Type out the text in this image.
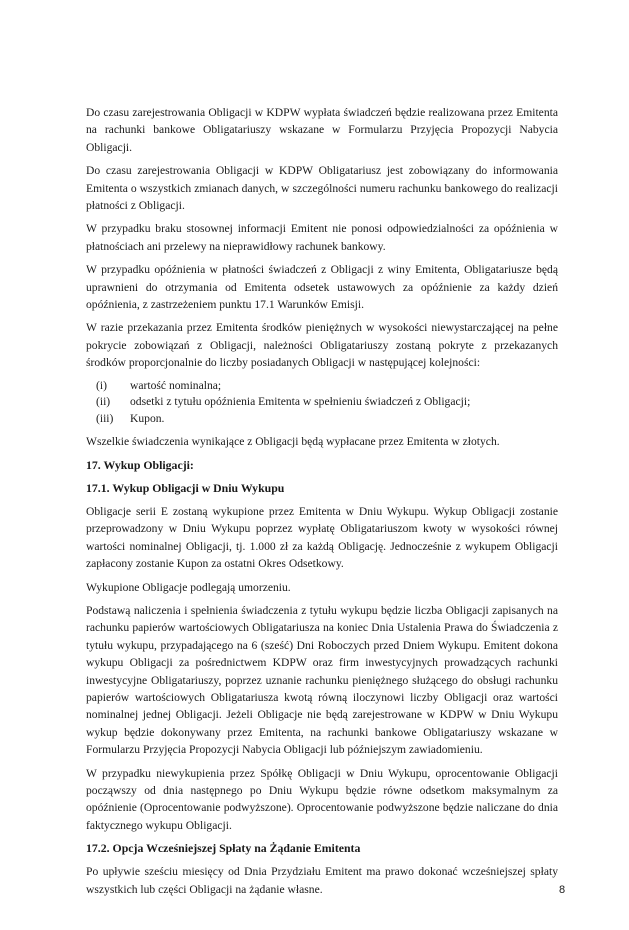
Do czasu zarejestrowania Obligacji w KDPW wypłata świadczeń będzie realizowana przez Emitenta na rachunki bankowe Obligatariuszy wskazane w Formularzu Przyjęcia Propozycji Nabycia Obligacji.

Do czasu zarejestrowania Obligacji w KDPW Obligatariusz jest zobowiązany do informowania Emitenta o wszystkich zmianach danych, w szczególności numeru rachunku bankowego do realizacji płatności z Obligacji.

W przypadku braku stosownej informacji Emitent nie ponosi odpowiedzialności za opóźnienia w płatnościach ani przelewy na nieprawidłowy rachunek bankowy.

W przypadku opóźnienia w płatności świadczeń z Obligacji z winy Emitenta, Obligatariusze będą uprawnieni do otrzymania od Emitenta odsetek ustawowych za opóźnienie za każdy dzień opóźnienia, z zastrzeżeniem punktu 17.1 Warunków Emisji.

W razie przekazania przez Emitenta środków pieniężnych w wysokości niewystarczającej na pełne pokrycie zobowiązań z Obligacji, należności Obligatariuszy zostaną pokryte z przekazanych środków proporcjonalnie do liczby posiadanych Obligacji w następującej kolejności:

(i)	wartość nominalna;
(ii)	odsetki z tytułu opóźnienia Emitenta w spełnieniu świadczeń z Obligacji;
(iii)	Kupon.

Wszelkie świadczenia wynikające z Obligacji będą wypłacane przez Emitenta w złotych.

17. Wykup Obligacji:
17.1. Wykup Obligacji w Dniu Wykupu

Obligacje serii E zostaną wykupione przez Emitenta w Dniu Wykupu. Wykup Obligacji zostanie przeprowadzony w Dniu Wykupu poprzez wypłatę Obligatariuszom kwoty w wysokości równej wartości nominalnej Obligacji, tj. 1.000 zł za każdą Obligację. Jednocześnie z wykupem Obligacji zapłacony zostanie Kupon za ostatni Okres Odsetkowy.

Wykupione Obligacje podlegają umorzeniu.

Podstawą naliczenia i spełnienia świadczenia z tytułu wykupu będzie liczba Obligacji zapisanych na rachunku papierów wartościowych Obligatariusza na koniec Dnia Ustalenia Prawa do Świadczenia z tytułu wykupu, przypadającego na 6 (sześć) Dni Roboczych przed Dniem Wykupu. Emitent dokona wykupu Obligacji za pośrednictwem KDPW oraz firm inwestycyjnych prowadzących rachunki inwestycyjne Obligatariuszy, poprzez uznanie rachunku pieniężnego służącego do obsługi rachunku papierów wartościowych Obligatariusza kwotą równą iloczynowi liczby Obligacji oraz wartości nominalnej jednej Obligacji. Jeżeli Obligacje nie będą zarejestrowane w KDPW w Dniu Wykupu wykup będzie dokonywany przez Emitenta, na rachunki bankowe Obligatariuszy wskazane w Formularzu Przyjęcia Propozycji Nabycia Obligacji lub późniejszym zawiadomieniu.

W przypadku niewykupienia przez Spółkę Obligacji w Dniu Wykupu, oprocentowanie Obligacji począwszy od dnia następnego po Dniu Wykupu będzie równe odsetkom maksymalnym za opóźnienie (Oprocentowanie podwyższone). Oprocentowanie podwyższone będzie naliczane do dnia faktycznego wykupu Obligacji.

17.2. Opcja Wcześniejszej Spłaty na Żądanie Emitenta

Po upływie sześciu miesięcy od Dnia Przydziału Emitent ma prawo dokonać wcześniejszej spłaty wszystkich lub części Obligacji na żądanie własne.	8
